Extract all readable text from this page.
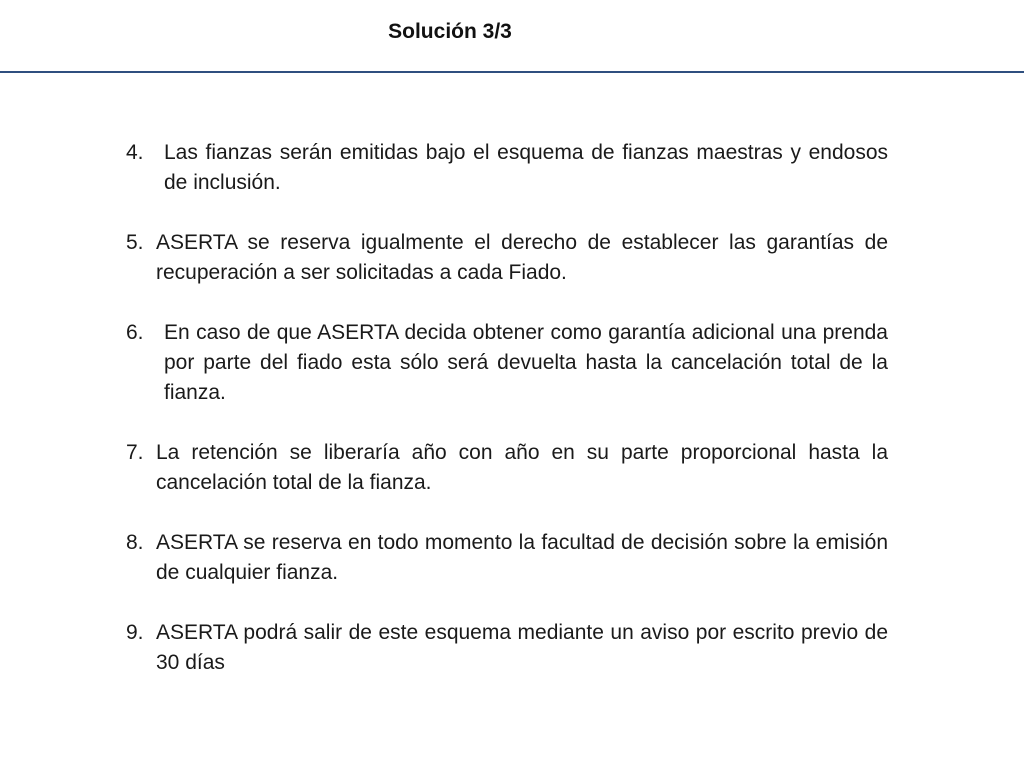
Solución 3/3
4. Las fianzas serán emitidas bajo el esquema de fianzas maestras y endosos de inclusión.
5. ASERTA se reserva igualmente el derecho de establecer las garantías de recuperación a ser solicitadas a cada Fiado.
6. En caso de que ASERTA decida obtener como garantía adicional una prenda por parte del fiado esta sólo será devuelta hasta la cancelación total de la fianza.
7. La retención se liberaría año con año en su parte proporcional hasta la cancelación total de la fianza.
8. ASERTA se reserva en todo momento la facultad de decisión sobre la emisión de cualquier fianza.
9. ASERTA podrá salir de este esquema mediante un aviso por escrito previo de 30 días
